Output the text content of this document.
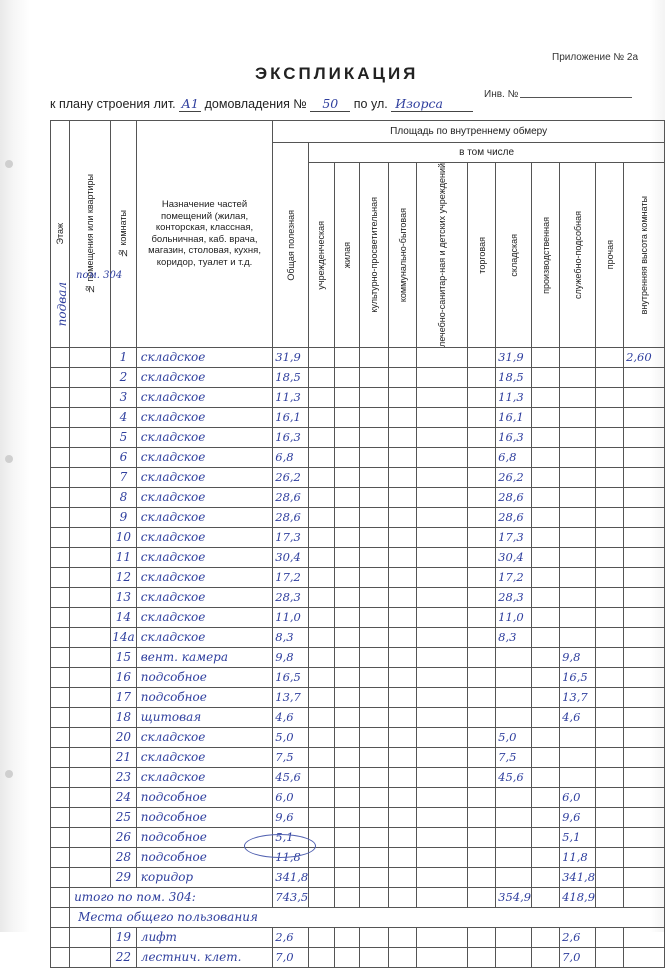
Приложение № 2а
ЭКСПЛИКАЦИЯ
Инв. №
к плану строения лит. А1 домовладения № 50 по ул. Изорса
Этаж	№ помещения или квартиры	№ комнаты	Назначение частей помещений (жилая, конторская, классная, больничная, каб. врача, магазин, столовая, кухня, коридор, туалет и т.д.	Площадь по внутреннему обмеру											

				Общая полезная	в том числе										

					учрежденческая	жилая	культурно-просветительная	коммунально-бытовая	лечебно-санитар-ная и детских учреждений	торговая	складская	производственная	служебно-подсобная	прочая	внутренняя высота комнаты

		1	складское	31,9							31,9				2,60
		2	складское	18,5							18,5				
		3	складское	11,3							11,3				
		4	складское	16,1							16,1				
		5	складское	16,3							16,3				
		6	складское	6,8							6,8				
		7	складское	26,2							26,2				
		8	складское	28,6							28,6				
		9	складское	28,6							28,6				
		10	складское	17,3							17,3				
		11	складское	30,4							30,4				
		12	складское	17,2							17,2				
		13	складское	28,3							28,3				
		14	складское	11,0							11,0				
		14а	складское	8,3							8,3				
		15	вент. камера	9,8									9,8		
		16	подсобное	16,5									16,5		
		17	подсобное	13,7									13,7		
		18	щитовая	4,6									4,6		
		20	складское	5,0							5,0				
		21	складское	7,5							7,5				
		23	складское	45,6							45,6				
		24	подсобное	6,0									6,0		
		25	подсобное	9,6									9,6		
		26	подсобное	5,1									5,1		
		28	подсобное	11,8									11,8		
		29	коридор	341,8									341,8		
	итого по пом. 304:			743,5							354,9		418,9		
	Места общего пользования														
		19	лифт	2,6									2,6		
		22	лестнич. клет.	7,0									7,0		
подвал
пом. 304
